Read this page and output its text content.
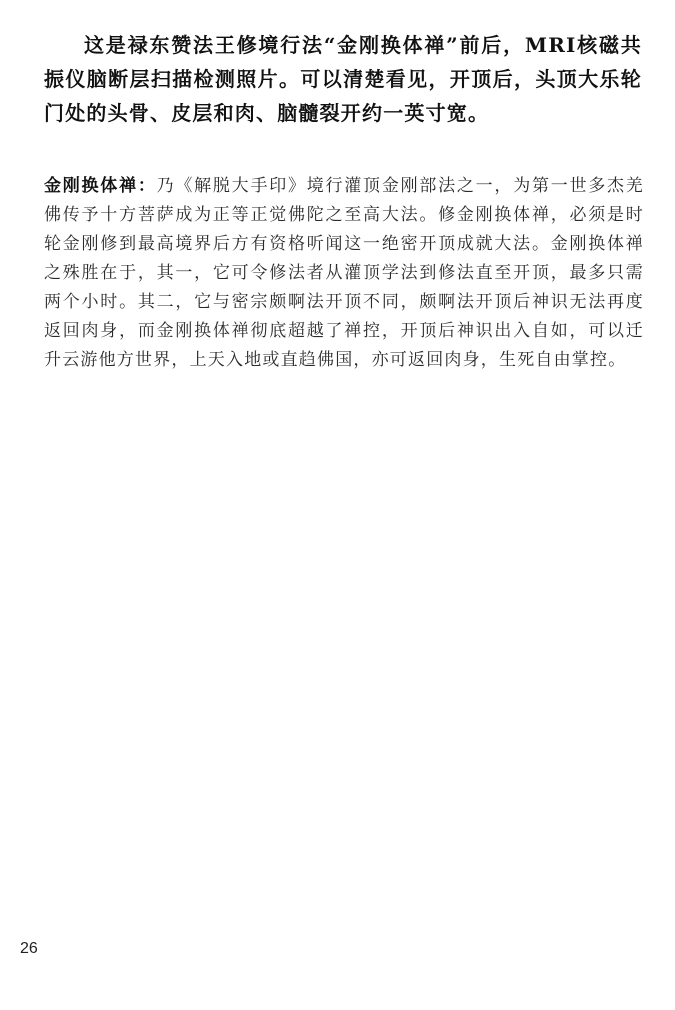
这是禄东赞法王修境行法“金刚换体禅”前后，MRI核磁共振仪脑断层扫描检测照片。可以清楚看见，开顶后，头顶大乐轮门处的头骨、皮层和肉、脑髓裂开约一英寸宽。

金刚换体禅：乃《解脱大手印》境行灌顶金刚部法之一，为第一世多杰羌佛传予十方菩萨成为正等正觉佛陀之至高大法。修金刚换体禅，必须是时轮金刚修到最高境界后方有资格听闻这一绝密开顶成就大法。金刚换体禅之殊胜在于，其一，它可令修法者从灌顶学法到修法直至开顶，最多只需两个小时。其二，它与密宗颇啊法开顶不同，颇啊法开顶后神识无法再度返回肉身，而金刚换体禅彻底超越了禅控，开顶后神识出入自如，可以迁升云游他方世界，上天入地或直趋佛国，亦可返回肉身，生死自由掌控。

26
